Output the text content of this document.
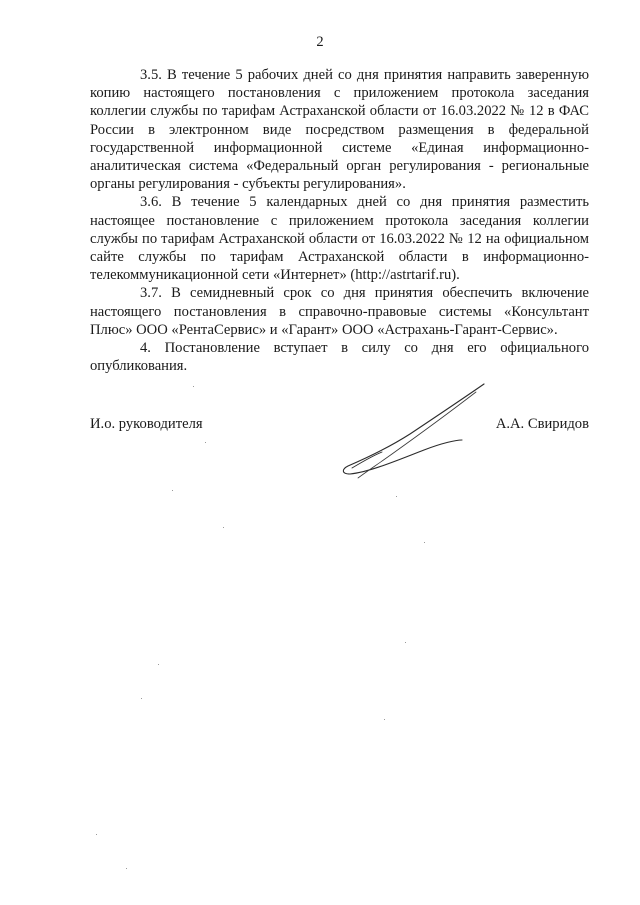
2

3.5. В течение 5 рабочих дней со дня принятия направить заверенную копию настоящего постановления с приложением протокола заседания коллегии службы по тарифам Астраханской области от 16.03.2022 № 12 в ФАС России в электронном виде посредством размещения в федеральной государственной информационной системе «Единая информационно-аналитическая система «Федеральный орган регулирования - региональные органы регулирования - субъекты регулирования».

3.6. В течение 5 календарных дней со дня принятия разместить настоящее постановление с приложением протокола заседания коллегии службы по тарифам Астраханской области от 16.03.2022 № 12 на официальном сайте службы по тарифам Астраханской области в информационно-телекоммуникационной сети «Интернет» (http://astrtarif.ru).

3.7. В семидневный срок со дня принятия обеспечить включение настоящего постановления в справочно-правовые системы «Консультант Плюс» ООО «РентаСервис» и «Гарант» ООО «Астрахань-Гарант-Сервис».

4. Постановление вступает в силу со дня его официального опубликования.

И.о. руководителя	А.А. Свиридов
